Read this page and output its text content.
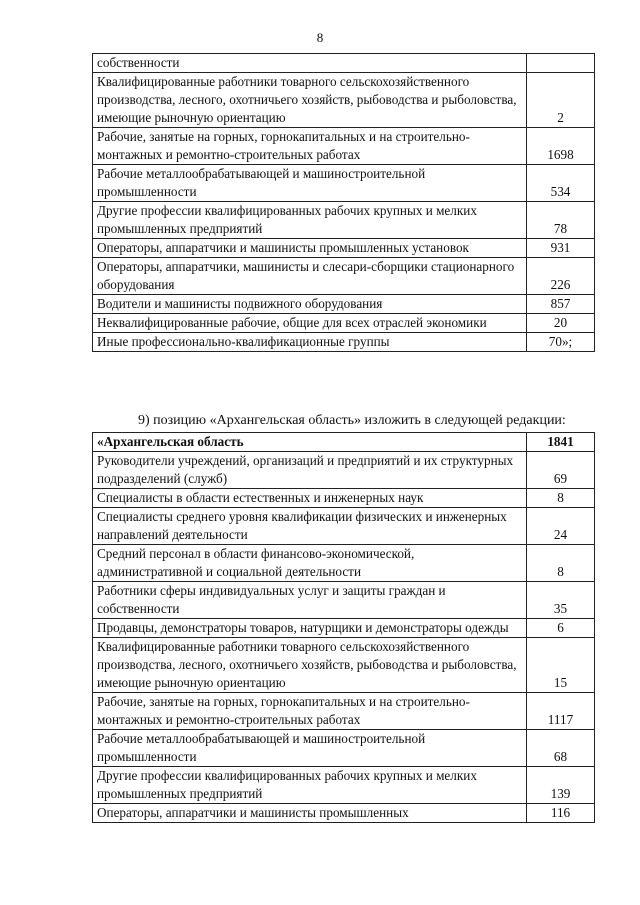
8
собственности	
Квалифицированные работники товарного сельскохозяйственного производства, лесного, охотничьего хозяйств, рыбоводства и рыболовства, имеющие рыночную ориентацию	2
Рабочие, занятые на горных, горнокапитальных и на строительно-монтажных и ремонтно-строительных работах	1698
Рабочие металлообрабатывающей и машиностроительной промышленности	534
Другие профессии квалифицированных рабочих крупных и мелких промышленных предприятий	78
Операторы, аппаратчики и машинисты промышленных установок	931
Операторы, аппаратчики, машинисты и слесари-сборщики стационарного оборудования	226
Водители и машинисты подвижного оборудования	857
Неквалифицированные рабочие, общие для всех отраслей экономики	20
Иные профессионально-квалификационные группы	70»;
9) позицию «Архангельская область» изложить в следующей редакции:
«Архангельская область	1841
Руководители учреждений, организаций и предприятий и их структурных подразделений (служб)	69
Специалисты в области естественных и инженерных наук	8
Специалисты среднего уровня квалификации физических и инженерных направлений деятельности	24
Средний персонал в области финансово-экономической, административной и социальной деятельности	8
Работники сферы индивидуальных услуг и защиты граждан и собственности	35
Продавцы, демонстраторы товаров, натурщики и демонстраторы одежды	6
Квалифицированные работники товарного сельскохозяйственного производства, лесного, охотничьего хозяйств, рыбоводства и рыболовства, имеющие рыночную ориентацию	15
Рабочие, занятые на горных, горнокапитальных и на строительно-монтажных и ремонтно-строительных работах	1117
Рабочие металлообрабатывающей и машиностроительной промышленности	68
Другие профессии квалифицированных рабочих крупных и мелких промышленных предприятий	139
Операторы, аппаратчики и машинисты промышленных	116
